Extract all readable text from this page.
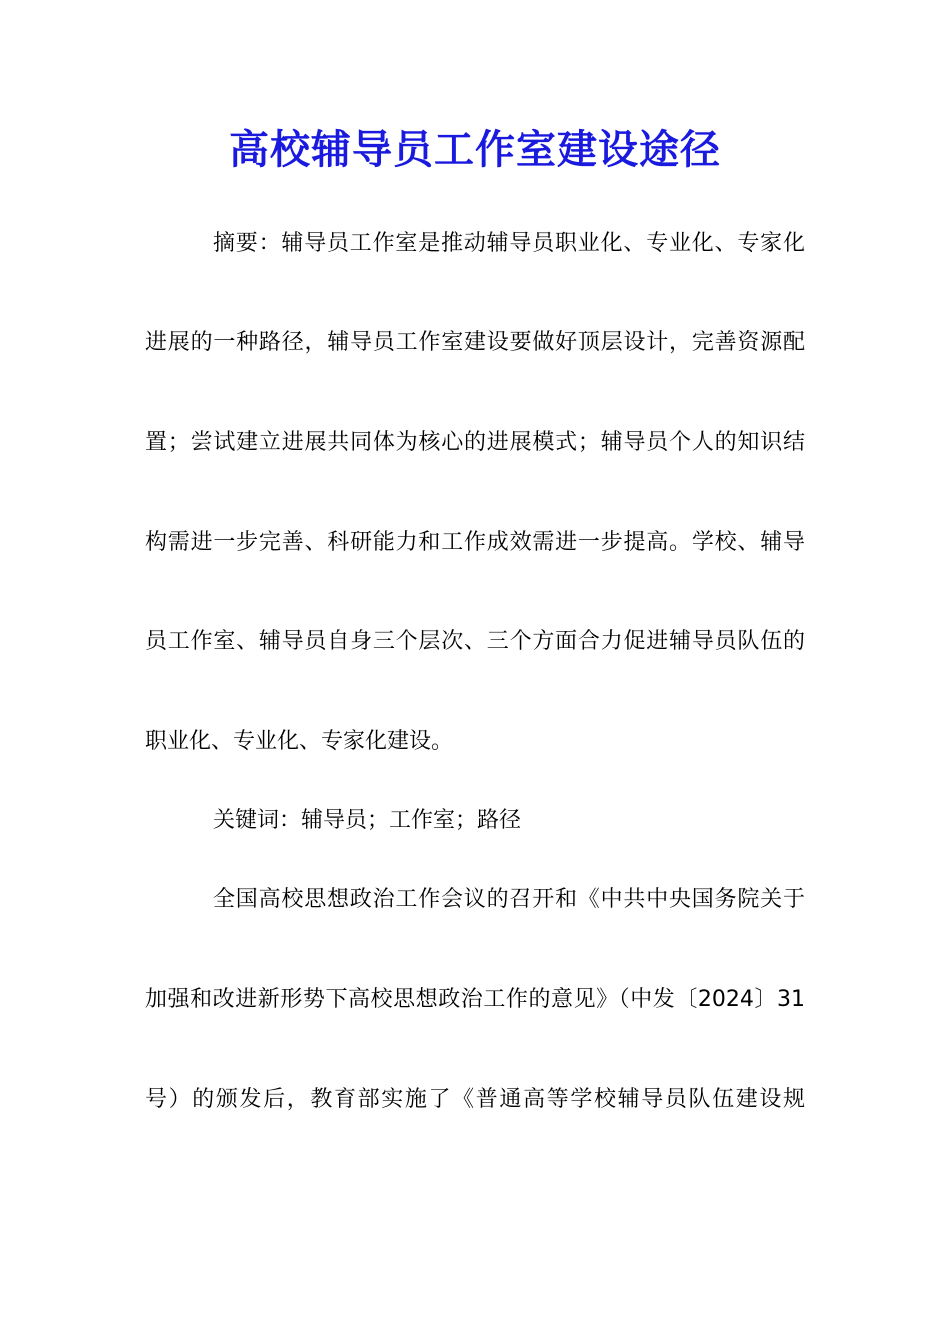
高校辅导员工作室建设途径
摘要：辅导员工作室是推动辅导员职业化、专业化、专家化
进展的一种路径，辅导员工作室建设要做好顶层设计，完善资源配
置；尝试建立进展共同体为核心的进展模式；辅导员个人的知识结
构需进一步完善、科研能力和工作成效需进一步提高。学校、辅导
员工作室、辅导员自身三个层次、三个方面合力促进辅导员队伍的
职业化、专业化、专家化建设。
关键词：辅导员；工作室；路径
全国高校思想政治工作会议的召开和《中共中央国务院关于
加强和改进新形势下高校思想政治工作的意见》（中发〔2024〕31
号）的颁发后，教育部实施了《普通高等学校辅导员队伍建设规
